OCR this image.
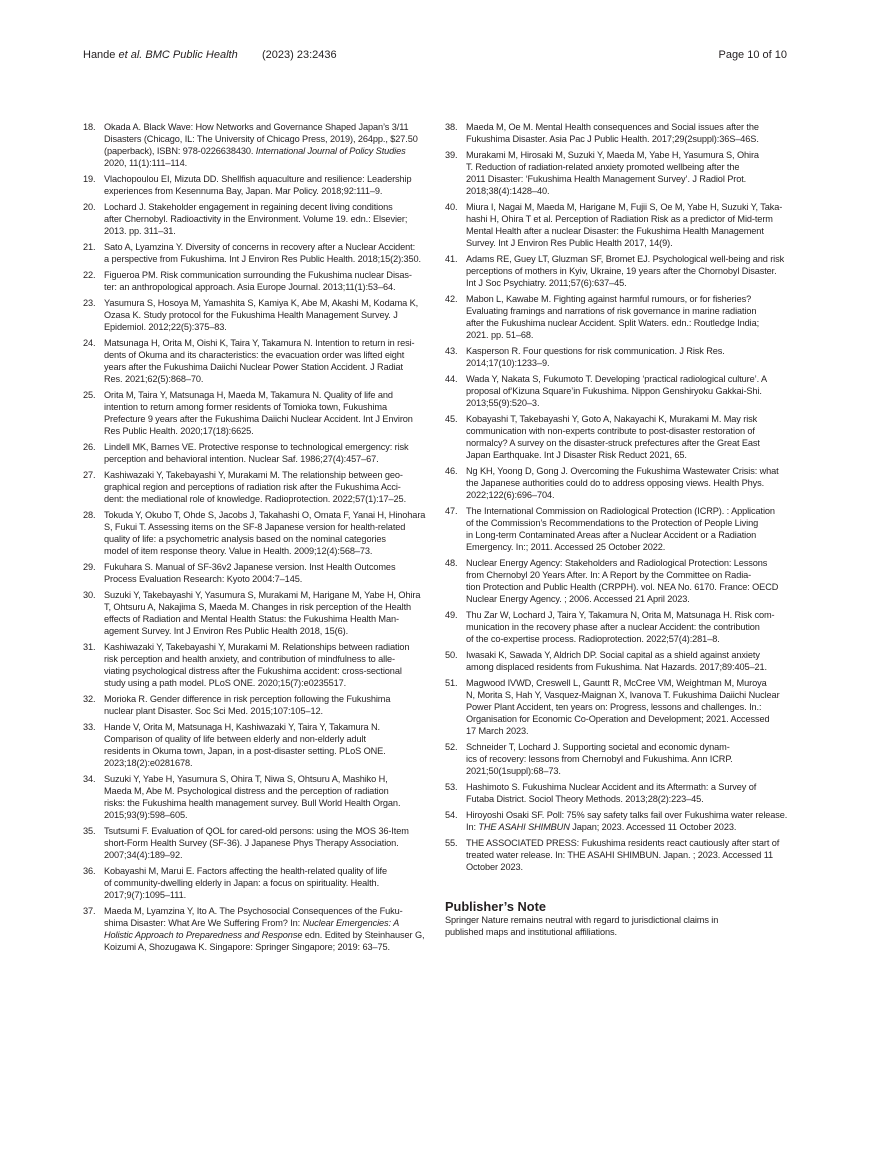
Hande et al. BMC Public Health (2023) 23:2436	Page 10 of 10
18. Okada A. Black Wave: How Networks and Governance Shaped Japan’s 3/11
Disasters (Chicago, IL: The University of Chicago Press, 2019), 264pp., $27.50
(paperback), ISBN: 978-0226638430. International Journal of Policy Studies
2020, 11(1):111–114.
19. Vlachopoulou EI, Mizuta DD. Shellfish aquaculture and resilience: Leadership
experiences from Kesennuma Bay, Japan. Mar Policy. 2018;92:111–9.
20. Lochard J. Stakeholder engagement in regaining decent living conditions
after Chernobyl. Radioactivity in the Environment. Volume 19. edn.: Elsevier;
2013. pp. 311–31.
21. Sato A, Lyamzina Y. Diversity of concerns in recovery after a Nuclear Accident:
a perspective from Fukushima. Int J Environ Res Public Health. 2018;15(2):350.
22. Figueroa PM. Risk communication surrounding the Fukushima nuclear Disas-
ter: an anthropological approach. Asia Europe Journal. 2013;11(1):53–64.
23. Yasumura S, Hosoya M, Yamashita S, Kamiya K, Abe M, Akashi M, Kodama K,
Ozasa K. Study protocol for the Fukushima Health Management Survey. J
Epidemiol. 2012;22(5):375–83.
24. Matsunaga H, Orita M, Oishi K, Taira Y, Takamura N. Intention to return in resi-
dents of Okuma and its characteristics: the evacuation order was lifted eight
years after the Fukushima Daiichi Nuclear Power Station Accident. J Radiat
Res. 2021;62(5):868–70.
25. Orita M, Taira Y, Matsunaga H, Maeda M, Takamura N. Quality of life and
intention to return among former residents of Tomioka town, Fukushima
Prefecture 9 years after the Fukushima Daiichi Nuclear Accident. Int J Environ
Res Public Health. 2020;17(18):6625.
26. Lindell MK, Barnes VE. Protective response to technological emergency: risk
perception and behavioral intention. Nuclear Saf. 1986;27(4):457–67.
27. Kashiwazaki Y, Takebayashi Y, Murakami M. The relationship between geo-
graphical region and perceptions of radiation risk after the Fukushima Acci-
dent: the mediational role of knowledge. Radioprotection. 2022;57(1):17–25.
28. Tokuda Y, Okubo T, Ohde S, Jacobs J, Takahashi O, Omata F, Yanai H, Hinohara
S, Fukui T. Assessing items on the SF-8 Japanese version for health-related
quality of life: a psychometric analysis based on the nominal categories
model of item response theory. Value in Health. 2009;12(4):568–73.
29. Fukuhara S. Manual of SF-36v2 Japanese version. Inst Health Outcomes
Process Evaluation Research: Kyoto 2004:7–145.
30. Suzuki Y, Takebayashi Y, Yasumura S, Murakami M, Harigane M, Yabe H, Ohira
T, Ohtsuru A, Nakajima S, Maeda M. Changes in risk perception of the Health
effects of Radiation and Mental Health Status: the Fukushima Health Man-
agement Survey. Int J Environ Res Public Health 2018, 15(6).
31. Kashiwazaki Y, Takebayashi Y, Murakami M. Relationships between radiation
risk perception and health anxiety, and contribution of mindfulness to alle-
viating psychological distress after the Fukushima accident: cross-sectional
study using a path model. PLoS ONE. 2020;15(7):e0235517.
32. Morioka R. Gender difference in risk perception following the Fukushima
nuclear plant Disaster. Soc Sci Med. 2015;107:105–12.
33. Hande V, Orita M, Matsunaga H, Kashiwazaki Y, Taira Y, Takamura N.
Comparison of quality of life between elderly and non-elderly adult
residents in Okuma town, Japan, in a post-disaster setting. PLoS ONE.
2023;18(2):e0281678.
34. Suzuki Y, Yabe H, Yasumura S, Ohira T, Niwa S, Ohtsuru A, Mashiko H,
Maeda M, Abe M. Psychological distress and the perception of radiation
risks: the Fukushima health management survey. Bull World Health Organ.
2015;93(9):598–605.
35. Tsutsumi F. Evaluation of QOL for cared-old persons: using the MOS 36-Item
short-Form Health Survey (SF-36). J Japanese Phys Therapy Association.
2007;34(4):189–92.
36. Kobayashi M, Marui E. Factors affecting the health-related quality of life
of community-dwelling elderly in Japan: a focus on spirituality. Health.
2017;9(7):1095–111.
37. Maeda M, Lyamzina Y, Ito A. The Psychosocial Consequences of the Fuku-
shima Disaster: What Are We Suffering From? In: Nuclear Emergencies: A
Holistic Approach to Preparedness and Response edn. Edited by Steinhauser G,
Koizumi A, Shozugawa K. Singapore: Springer Singapore; 2019: 63–75.
38. Maeda M, Oe M. Mental Health consequences and Social issues after the
Fukushima Disaster. Asia Pac J Public Health. 2017;29(2suppl):36S–46S.
39. Murakami M, Hirosaki M, Suzuki Y, Maeda M, Yabe H, Yasumura S, Ohira
T. Reduction of radiation-related anxiety promoted wellbeing after the
2011 Disaster: ‘Fukushima Health Management Survey’. J Radiol Prot.
2018;38(4):1428–40.
40. Miura I, Nagai M, Maeda M, Harigane M, Fujii S, Oe M, Yabe H, Suzuki Y, Taka-
hashi H, Ohira T et al. Perception of Radiation Risk as a predictor of Mid-term
Mental Health after a nuclear Disaster: the Fukushima Health Management
Survey. Int J Environ Res Public Health 2017, 14(9).
41. Adams RE, Guey LT, Gluzman SF, Bromet EJ. Psychological well-being and risk
perceptions of mothers in Kyiv, Ukraine, 19 years after the Chornobyl Disaster.
Int J Soc Psychiatry. 2011;57(6):637–45.
42. Mabon L, Kawabe M. Fighting against harmful rumours, or for fisheries?
Evaluating framings and narrations of risk governance in marine radiation
after the Fukushima nuclear Accident. Split Waters. edn.: Routledge India;
2021. pp. 51–68.
43. Kasperson R. Four questions for risk communication. J Risk Res.
2014;17(10):1233–9.
44. Wada Y, Nakata S, Fukumoto T. Developing ‘practical radiological culture’. A
proposal of‘Kizuna Square’in Fukushima. Nippon Genshiryoku Gakkai-Shi.
2013;55(9):520–3.
45. Kobayashi T, Takebayashi Y, Goto A, Nakayachi K, Murakami M. May risk
communication with non-experts contribute to post-disaster restoration of
normalcy? A survey on the disaster-struck prefectures after the Great East
Japan Earthquake. Int J Disaster Risk Reduct 2021, 65.
46. Ng KH, Yoong D, Gong J. Overcoming the Fukushima Wastewater Crisis: what
the Japanese authorities could do to address opposing views. Health Phys.
2022;122(6):696–704.
47. The International Commission on Radiological Protection (ICRP). : Application
of the Commission’s Recommendations to the Protection of People Living
in Long-term Contaminated Areas after a Nuclear Accident or a Radiation
Emergency. In:; 2011. Accessed 25 October 2022.
48. Nuclear Energy Agency: Stakeholders and Radiological Protection: Lessons
from Chernobyl 20 Years After. In: A Report by the Committee on Radia-
tion Protection and Public Health (CRPPH). vol. NEA No. 6170. France: OECD
Nuclear Energy Agency. ; 2006. Accessed 21 April 2023.
49. Thu Zar W, Lochard J, Taira Y, Takamura N, Orita M, Matsunaga H. Risk com-
munication in the recovery phase after a nuclear Accident: the contribution
of the co-expertise process. Radioprotection. 2022;57(4):281–8.
50. Iwasaki K, Sawada Y, Aldrich DP. Social capital as a shield against anxiety
among displaced residents from Fukushima. Nat Hazards. 2017;89:405–21.
51. Magwood IVWD, Creswell L, Gauntt R, McCree VM, Weightman M, Muroya
N, Morita S, Hah Y, Vasquez-Maignan X, Ivanova T. Fukushima Daiichi Nuclear
Power Plant Accident, ten years on: Progress, lessons and challenges. In.:
Organisation for Economic Co-Operation and Development; 2021. Accessed
17 March 2023.
52. Schneider T, Lochard J. Supporting societal and economic dynam-
ics of recovery: lessons from Chernobyl and Fukushima. Ann ICRP.
2021;50(1suppl):68–73.
53. Hashimoto S. Fukushima Nuclear Accident and its Aftermath: a Survey of
Futaba District. Sociol Theory Methods. 2013;28(2):223–45.
54. Hiroyoshi Osaki SF. Poll: 75% say safety talks fail over Fukushima water release.
In: THE ASAHI SHIMBUN Japan; 2023. Accessed 11 October 2023.
55. THE ASSOCIATED PRESS: Fukushima residents react cautiously after start of
treated water release. In: THE ASAHI SHIMBUN. Japan. ; 2023. Accessed 11
October 2023.
Publisher’s Note
Springer Nature remains neutral with regard to jurisdictional claims in
published maps and institutional affiliations.
